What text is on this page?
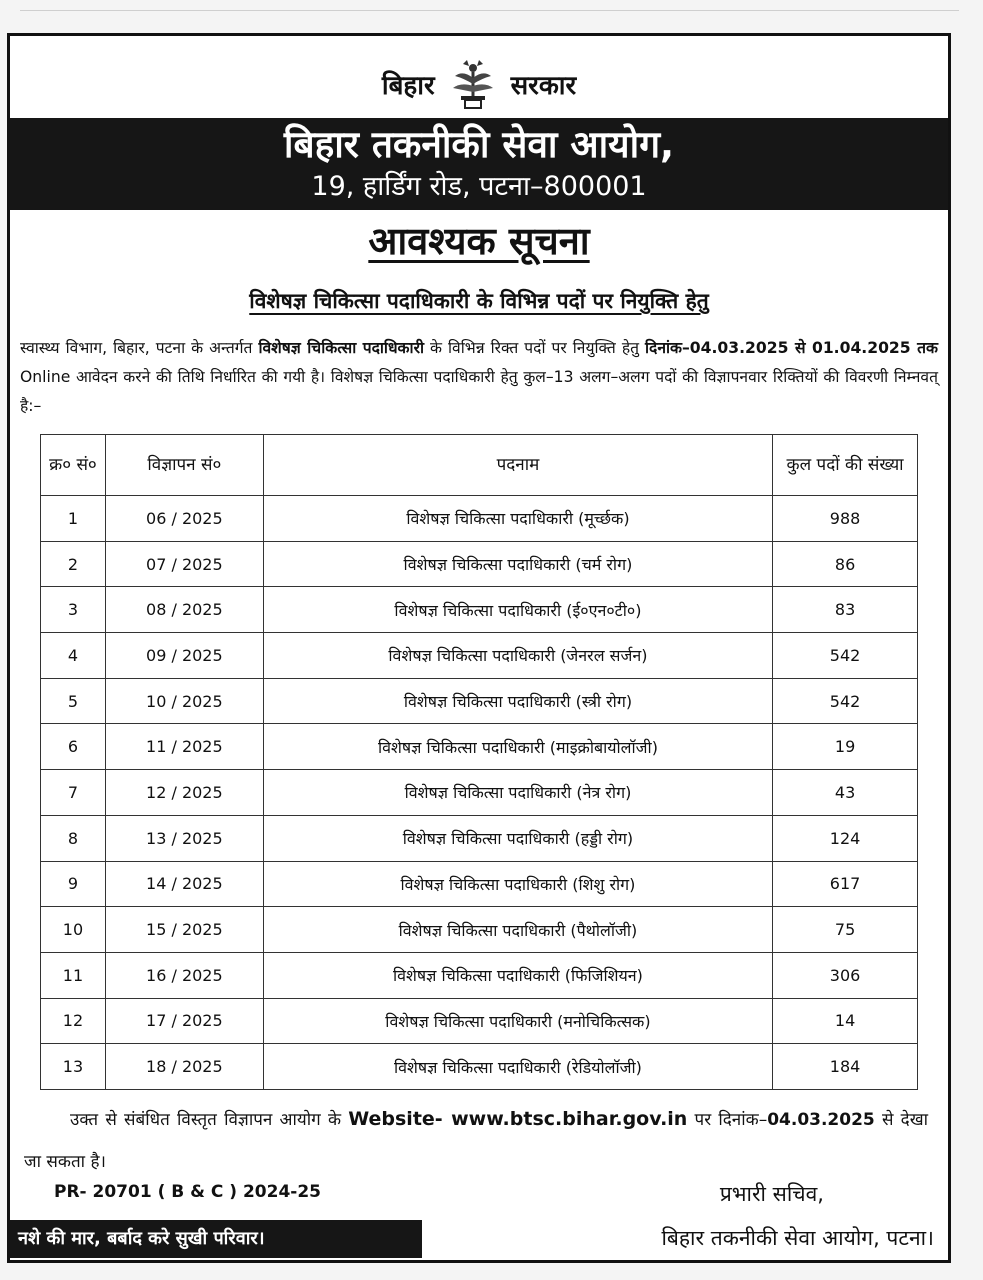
बिहार	सरकार
बिहार तकनीकी सेवा आयोग,
19, हार्डिंग रोड, पटना–800001
आवश्यक सूचना
विशेषज्ञ चिकित्सा पदाधिकारी के विभिन्न पदों पर नियुक्ति हेतु
स्वास्थ्य विभाग, बिहार, पटना के अन्तर्गत विशेषज्ञ चिकित्सा पदाधिकारी के विभिन्न रिक्त पदों पर नियुक्ति हेतु दिनांक–04.03.2025 से 01.04.2025 तक Online आवेदन करने की तिथि निर्धारित की गयी है। विशेषज्ञ चिकित्सा पदाधिकारी हेतु कुल–13 अलग–अलग पदों की विज्ञापनवार रिक्तियों की विवरणी निम्नवत् है:–
क्र० सं०	विज्ञापन सं०	पदनाम	कुल पदों की संख्या
1	06 / 2025	विशेषज्ञ चिकित्सा पदाधिकारी (मूर्च्छक)	988
2	07 / 2025	विशेषज्ञ चिकित्सा पदाधिकारी (चर्म रोग)	86
3	08 / 2025	विशेषज्ञ चिकित्सा पदाधिकारी (ई०एन०टी०)	83
4	09 / 2025	विशेषज्ञ चिकित्सा पदाधिकारी (जेनरल सर्जन)	542
5	10 / 2025	विशेषज्ञ चिकित्सा पदाधिकारी (स्त्री रोग)	542
6	11 / 2025	विशेषज्ञ चिकित्सा पदाधिकारी (माइक्रोबायोलॉजी)	19
7	12 / 2025	विशेषज्ञ चिकित्सा पदाधिकारी (नेत्र रोग)	43
8	13 / 2025	विशेषज्ञ चिकित्सा पदाधिकारी (हड्डी रोग)	124
9	14 / 2025	विशेषज्ञ चिकित्सा पदाधिकारी (शिशु रोग)	617
10	15 / 2025	विशेषज्ञ चिकित्सा पदाधिकारी (पैथोलॉजी)	75
11	16 / 2025	विशेषज्ञ चिकित्सा पदाधिकारी (फिजिशियन)	306
12	17 / 2025	विशेषज्ञ चिकित्सा पदाधिकारी (मनोचिकित्सक)	14
13	18 / 2025	विशेषज्ञ चिकित्सा पदाधिकारी (रेडियोलॉजी)	184
उक्त से संबंधित विस्तृत विज्ञापन आयोग के Website- www.btsc.bihar.gov.in पर दिनांक–04.03.2025 से देखा जा सकता है।
PR- 20701 ( B & C ) 2024-25
नशे की मार, बर्बाद करे सुखी परिवार।
प्रभारी सचिव,
बिहार तकनीकी सेवा आयोग, पटना।
